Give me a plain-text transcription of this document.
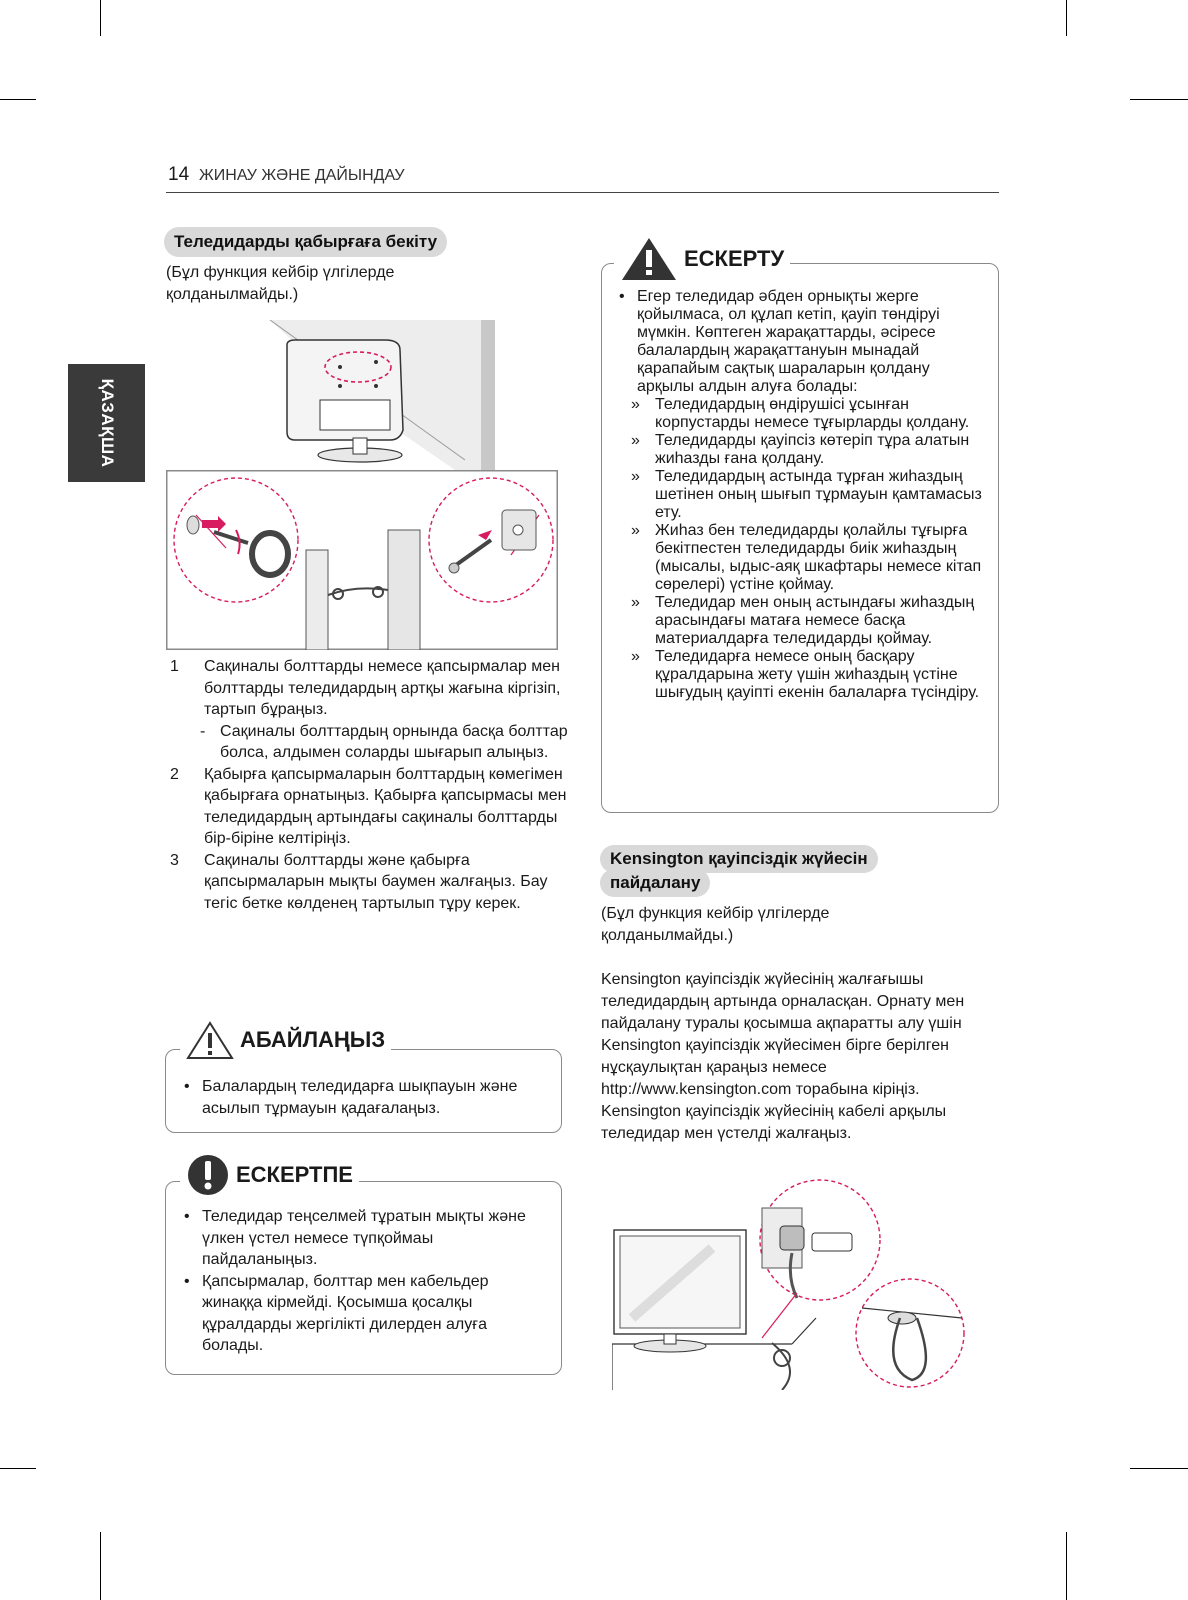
14 ЖИНАУ ЖӘНЕ ДАЙЫНДАУ
ҚАЗАҚША
Теледидарды қабырғаға бекіту
(Бұл функция кейбір үлгілерде қолданылмайды.)
1 Сақиналы болттарды немесе қапсырмалар мен болттарды теледидардың артқы жағына кіргізіп, тартып бұраңыз.
- Сақиналы болттардың орнында басқа болттар болса, алдымен соларды шығарып алыңыз.
2 Қабырға қапсырмаларын болттардың көмегімен қабырғаға орнатыңыз. Қабырға қапсырмасы мен теледидардың артындағы сақиналы болттарды бір-біріне келтіріңіз.
3 Сақиналы болттарды және қабырға қапсырмаларын мықты баумен жалғаңыз. Бау тегіс бетке көлденең тартылып тұру керек.
• Балалардың теледидарға шықпауын және асылып тұрмауын қадағалаңыз.
АБАЙЛАҢЫЗ
• Теледидар теңселмей тұратын мықты және үлкен үстел немесе түпқоймаы пайдаланыңыз.
• Қапсырмалар, болттар мен кабельдер жинаққа кірмейді. Қосымша қосалқы құралдарды жергілікті дилерден алуға болады.
ЕСКЕРТПЕ
• Егер теледидар әбден орнықты жерге қойылмаса, ол құлап кетіп, қауіп төндіруі мүмкін. Көптеген жарақаттарды, әсіресе балалардың жарақаттануын мынадай қарапайым сақтық шараларын қолдану арқылы алдын алуға болады:
» Теледидардың өндірушісі ұсынған корпустарды немесе тұғырларды қолдану.
» Теледидарды қауіпсіз көтеріп тұра алатын жиһазды ғана қолдану.
» Теледидардың астында тұрған жиһаздың шетінен оның шығып тұрмауын қамтамасыз ету.
» Жиһаз бен теледидарды қолайлы тұғырға бекітпестен теледидарды биік жиһаздың (мысалы, ыдыс-аяқ шкафтары немесе кітап сөрелері) үстіне қоймау.
» Теледидар мен оның астындағы жиһаздың арасындағы матаға немесе басқа материалдарға теледидарды қоймау.
» Теледидарға немесе оның басқару құралдарына жету үшін жиһаздың үстіне шығудың қауіпті екенін балаларға түсіндіру.
ЕСКЕРТУ
Kensington қауіпсіздік жүйесін
пайдалану
(Бұл функция кейбір үлгілерде қолданылмайды.)
Kensington қауіпсіздік жүйесінің жалғағышы теледидардың артында орналасқан. Орнату мен пайдалану туралы қосымша ақпаратты алу үшін Kensington қауіпсіздік жүйесімен бірге берілген нұсқаулықтан қараңыз немесе http://www.kensington.com торабына кіріңіз. Kensington қауіпсіздік жүйесінің кабелі арқылы теледидар мен үстелді жалғаңыз.
